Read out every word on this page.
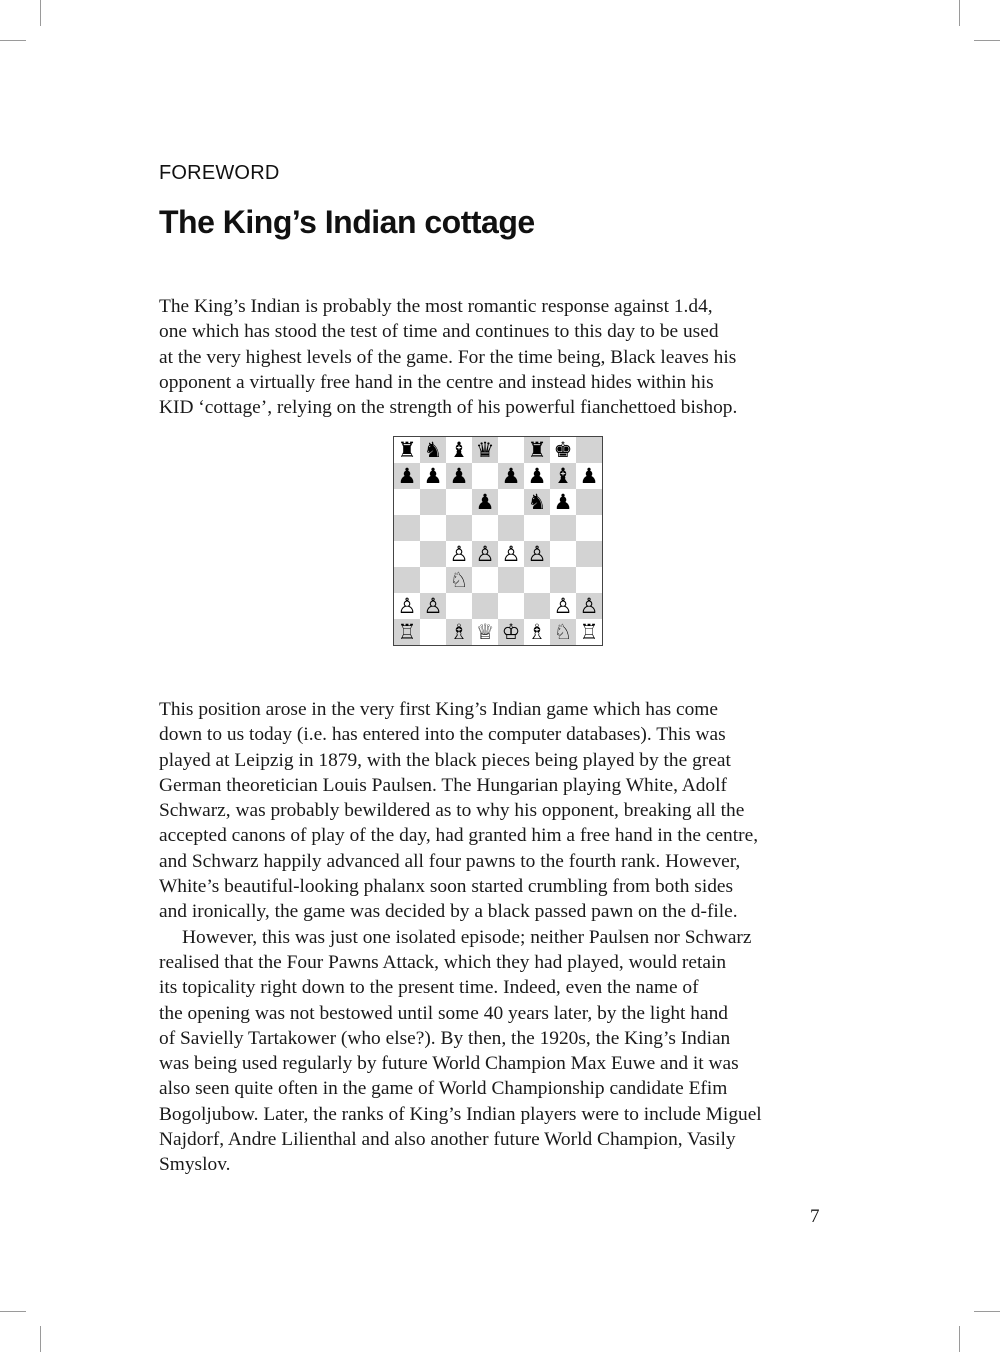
FOREWORD
The King’s Indian cottage

The King’s Indian is probably the most romantic response against 1.d4,
one which has stood the test of time and continues to this day to be used
at the very highest levels of the game. For the time being, Black leaves his
opponent a virtually free hand in the centre and instead hides within his
KID ‘cottage’, relying on the strength of his powerful fianchettoed bishop.

♜ ♞ ♝ ♛ ♜ ♚
♟ ♟ ♟ ♟ ♟ ♝ ♟
♟ ♞ ♟
♙ ♙ ♙ ♙
♘
♙ ♙	♙ ♙
♖ ♗ ♕ ♔ ♗ ♘ ♖

This position arose in the very first King’s Indian game which has come
down to us today (i.e. has entered into the computer databases). This was
played at Leipzig in 1879, with the black pieces being played by the great
German theoretician Louis Paulsen. The Hungarian playing White, Adolf
Schwarz, was probably bewildered as to why his opponent, breaking all the
accepted canons of play of the day, had granted him a free hand in the centre,
and Schwarz happily advanced all four pawns to the fourth rank. However,
White’s beautiful-looking phalanx soon started crumbling from both sides
and ironically, the game was decided by a black passed pawn on the d-file.
However, this was just one isolated episode; neither Paulsen nor Schwarz
realised that the Four Pawns Attack, which they had played, would retain
its topicality right down to the present time. Indeed, even the name of
the opening was not bestowed until some 40 years later, by the light hand
of Savielly Tartakower (who else?). By then, the 1920s, the King’s Indian
was being used regularly by future World Champion Max Euwe and it was
also seen quite often in the game of World Championship candidate Efim
Bogoljubow. Later, the ranks of King’s Indian players were to include Miguel
Najdorf, Andre Lilienthal and also another future World Champion, Vasily
Smyslov.

7
